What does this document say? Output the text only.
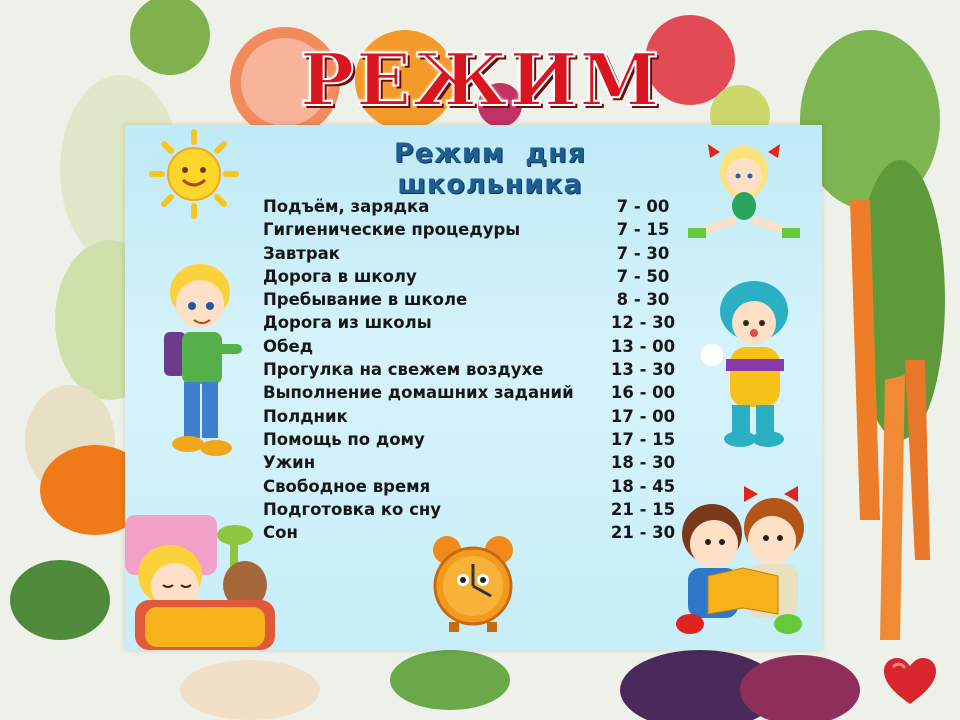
РЕЖИМ
Режим дня школьника
Подъём, зарядка	7 - 00
Гигиенические процедуры	7 - 15
Завтрак	7 - 30
Дорога в школу	7 - 50
Пребывание в школе	8 - 30
Дорога из школы	12 - 30
Обед	13 - 00
Прогулка на свежем воздухе	13 - 30
Выполнение домашних заданий 16 - 00
Полдник	17 - 00
Помощь по дому	17 - 15
Ужин	18 - 30
Свободное время	18 - 45
Подготовка ко сну	21 - 15
Сон	21 - 30
